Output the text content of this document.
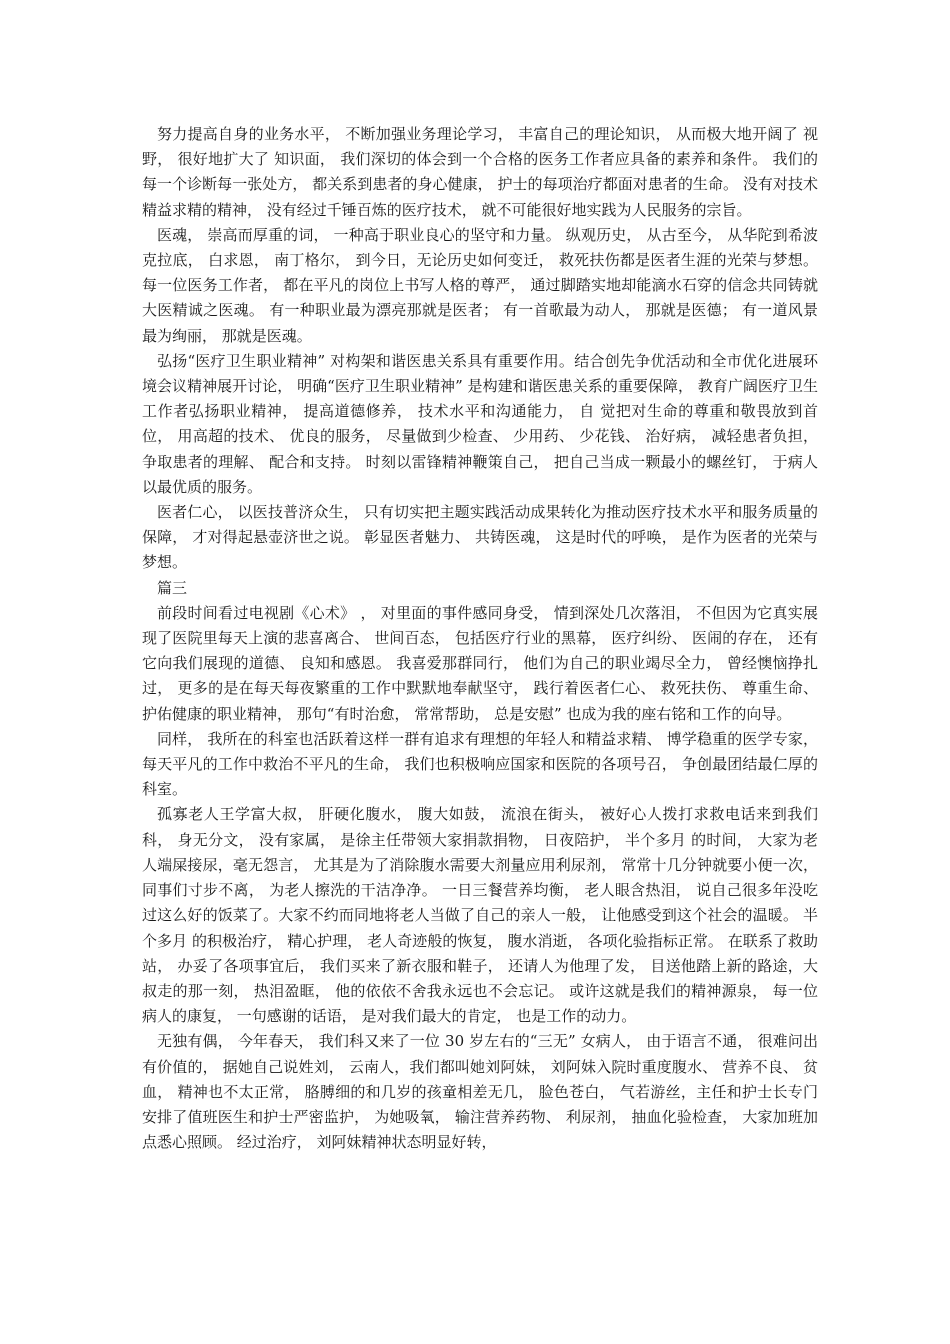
努力提高自身的业务水平， 不断加强业务理论学习， 丰富自己的理论知识， 从而极大地开阔了 视野， 很好地扩大了 知识面， 我们深切的体会到一个合格的医务工作者应具备的素养和条件。 我们的每一个诊断每一张处方， 都关系到患者的身心健康， 护士的每项治疗都面对患者的生命。 没有对技术精益求精的精神， 没有经过千锤百炼的医疗技术， 就不可能很好地实践为人民服务的宗旨。

医魂， 崇高而厚重的词， 一种高于职业良心的坚守和力量。 纵观历史， 从古至今， 从华陀到希波克拉底， 白求恩， 南丁格尔， 到今日，无论历史如何变迁， 救死扶伤都是医者生涯的光荣与梦想。 每一位医务工作者， 都在平凡的岗位上书写人格的尊严， 通过脚踏实地却能滴水石穿的信念共同铸就大医精诚之医魂。 有一种职业最为漂亮那就是医者； 有一首歌最为动人， 那就是医德； 有一道风景最为绚丽， 那就是医魂。

弘扬“医疗卫生职业精神” 对构架和谐医患关系具有重要作用。结合创先争优活动和全市优化进展环境会议精神展开讨论， 明确“医疗卫生职业精神” 是构建和谐医患关系的重要保障， 教育广阔医疗卫生工作者弘扬职业精神， 提高道德修养， 技术水平和沟通能力， 自 觉把对生命的尊重和敬畏放到首位， 用高超的技术、 优良的服务， 尽量做到少检查、 少用药、 少花钱、 治好病， 减轻患者负担， 争取患者的理解、 配合和支持。 时刻以雷锋精神鞭策自己， 把自己当成一颗最小的螺丝钉， 于病人以最优质的服务。

医者仁心， 以医技普济众生， 只有切实把主题实践活动成果转化为推动医疗技术水平和服务质量的保障， 才对得起悬壶济世之说。 彰显医者魅力、 共铸医魂， 这是时代的呼唤， 是作为医者的光荣与梦想。

篇三

前段时间看过电视剧《心术》 ， 对里面的事件感同身受， 情到深处几次落泪， 不但因为它真实展现了医院里每天上演的悲喜离合、 世间百态， 包括医疗行业的黑幕， 医疗纠纷、 医闹的存在， 还有它向我们展现的道德、 良知和感恩。 我喜爱那群同行， 他们为自己的职业竭尽全力， 曾经懊恼挣扎过， 更多的是在每天每夜繁重的工作中默默地奉献坚守， 践行着医者仁心、 救死扶伤、 尊重生命、 护佑健康的职业精神， 那句“有时治愈， 常常帮助， 总是安慰” 也成为我的座右铭和工作的向导。

同样， 我所在的科室也活跃着这样一群有追求有理想的年轻人和精益求精、 博学稳重的医学专家， 每天平凡的工作中救治不平凡的生命， 我们也积极响应国家和医院的各项号召， 争创最团结最仁厚的科室。

孤寡老人王学富大叔， 肝硬化腹水， 腹大如鼓， 流浪在街头， 被好心人拨打求救电话来到我们科， 身无分文， 没有家属， 是徐主任带领大家捐款捐物， 日夜陪护， 半个多月 的时间， 大家为老人端屎接尿，毫无怨言， 尤其是为了消除腹水需要大剂量应用利尿剂， 常常十几分钟就要小便一次， 同事们寸步不离， 为老人擦洗的干洁净净。 一日三餐营养均衡， 老人眼含热泪， 说自己很多年没吃过这么好的饭菜了。大家不约而同地将老人当做了自己的亲人一般， 让他感受到这个社会的温暖。 半个多月 的积极治疗， 精心护理， 老人奇迹般的恢复， 腹水消逝， 各项化验指标正常。 在联系了救助站， 办妥了各项事宜后， 我们买来了新衣服和鞋子， 还请人为他理了发， 目送他踏上新的路途，大叔走的那一刻， 热泪盈眶， 他的依依不舍我永远也不会忘记。 或许这就是我们的精神源泉， 每一位病人的康复， 一句感谢的话语， 是对我们最大的肯定， 也是工作的动力。

无独有偶， 今年春天， 我们科又来了一位 30 岁左右的“三无” 女病人， 由于语言不通， 很难问出有价值的， 据她自己说姓刘， 云南人，我们都叫她刘阿妹， 刘阿妹入院时重度腹水、 营养不良、 贫血， 精神也不太正常， 胳膊细的和几岁的孩童相差无几， 脸色苍白， 气若游丝，主任和护士长专门安排了值班医生和护士严密监护， 为她吸氧， 输注营养药物、 利尿剂， 抽血化验检查， 大家加班加点悉心照顾。 经过治疗， 刘阿妹精神状态明显好转，
